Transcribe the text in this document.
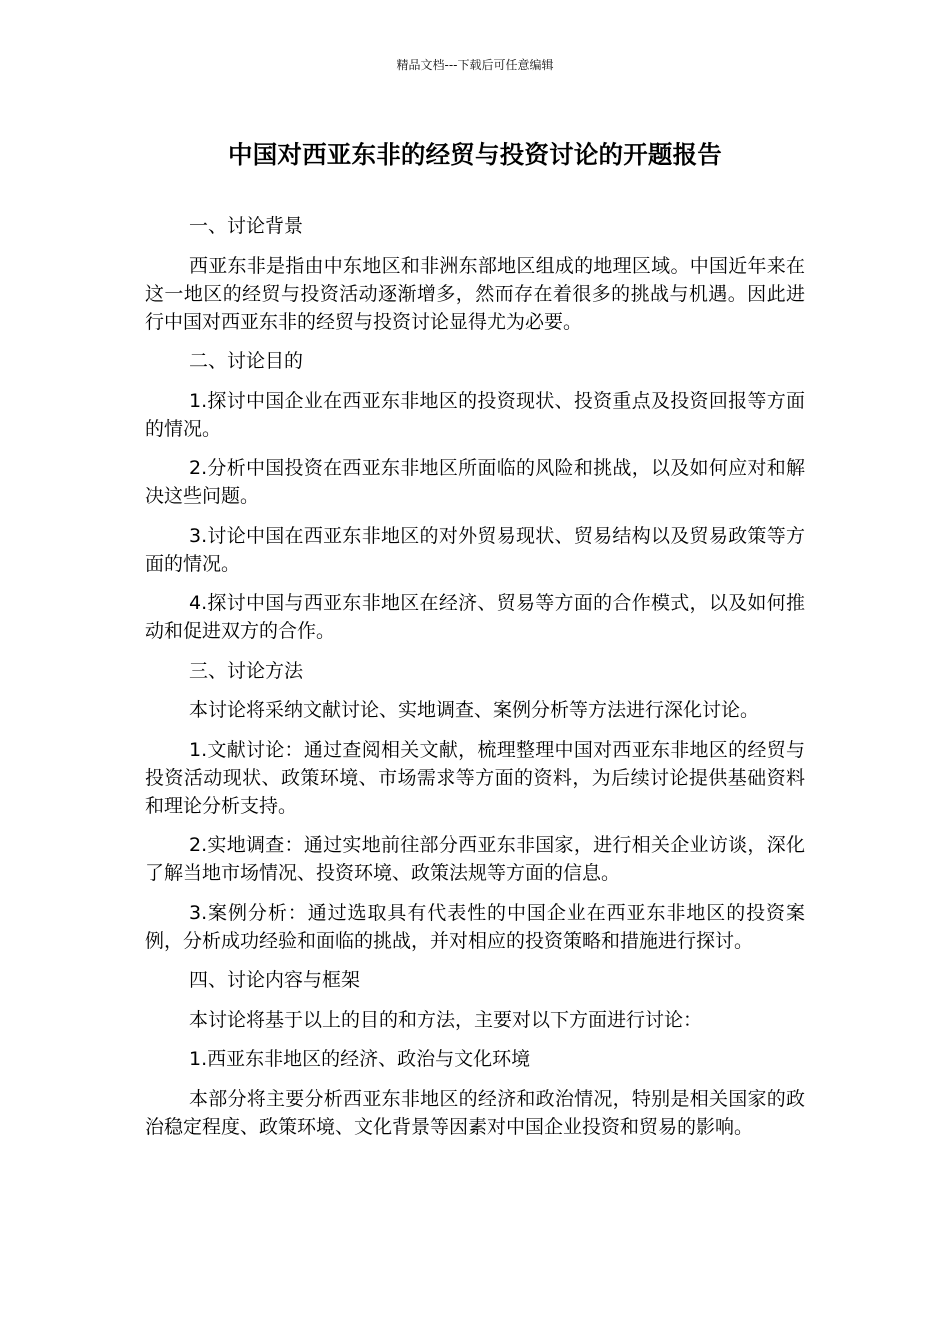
精品文档---下载后可任意编辑
中国对西亚东非的经贸与投资讨论的开题报告

一、讨论背景

西亚东非是指由中东地区和非洲东部地区组成的地理区域。中国近年来在这一地区的经贸与投资活动逐渐增多，然而存在着很多的挑战与机遇。因此进行中国对西亚东非的经贸与投资讨论显得尤为必要。

二、讨论目的

1.探讨中国企业在西亚东非地区的投资现状、投资重点及投资回报等方面的情况。

2.分析中国投资在西亚东非地区所面临的风险和挑战，以及如何应对和解决这些问题。

3.讨论中国在西亚东非地区的对外贸易现状、贸易结构以及贸易政策等方面的情况。

4.探讨中国与西亚东非地区在经济、贸易等方面的合作模式，以及如何推动和促进双方的合作。

三、讨论方法

本讨论将采纳文献讨论、实地调查、案例分析等方法进行深化讨论。

1.文献讨论：通过查阅相关文献，梳理整理中国对西亚东非地区的经贸与投资活动现状、政策环境、市场需求等方面的资料，为后续讨论提供基础资料和理论分析支持。

2.实地调查：通过实地前往部分西亚东非国家，进行相关企业访谈，深化了解当地市场情况、投资环境、政策法规等方面的信息。

3.案例分析：通过选取具有代表性的中国企业在西亚东非地区的投资案例，分析成功经验和面临的挑战，并对相应的投资策略和措施进行探讨。

四、讨论内容与框架

本讨论将基于以上的目的和方法，主要对以下方面进行讨论：

1.西亚东非地区的经济、政治与文化环境

本部分将主要分析西亚东非地区的经济和政治情况，特别是相关国家的政治稳定程度、政策环境、文化背景等因素对中国企业投资和贸易的影响。
